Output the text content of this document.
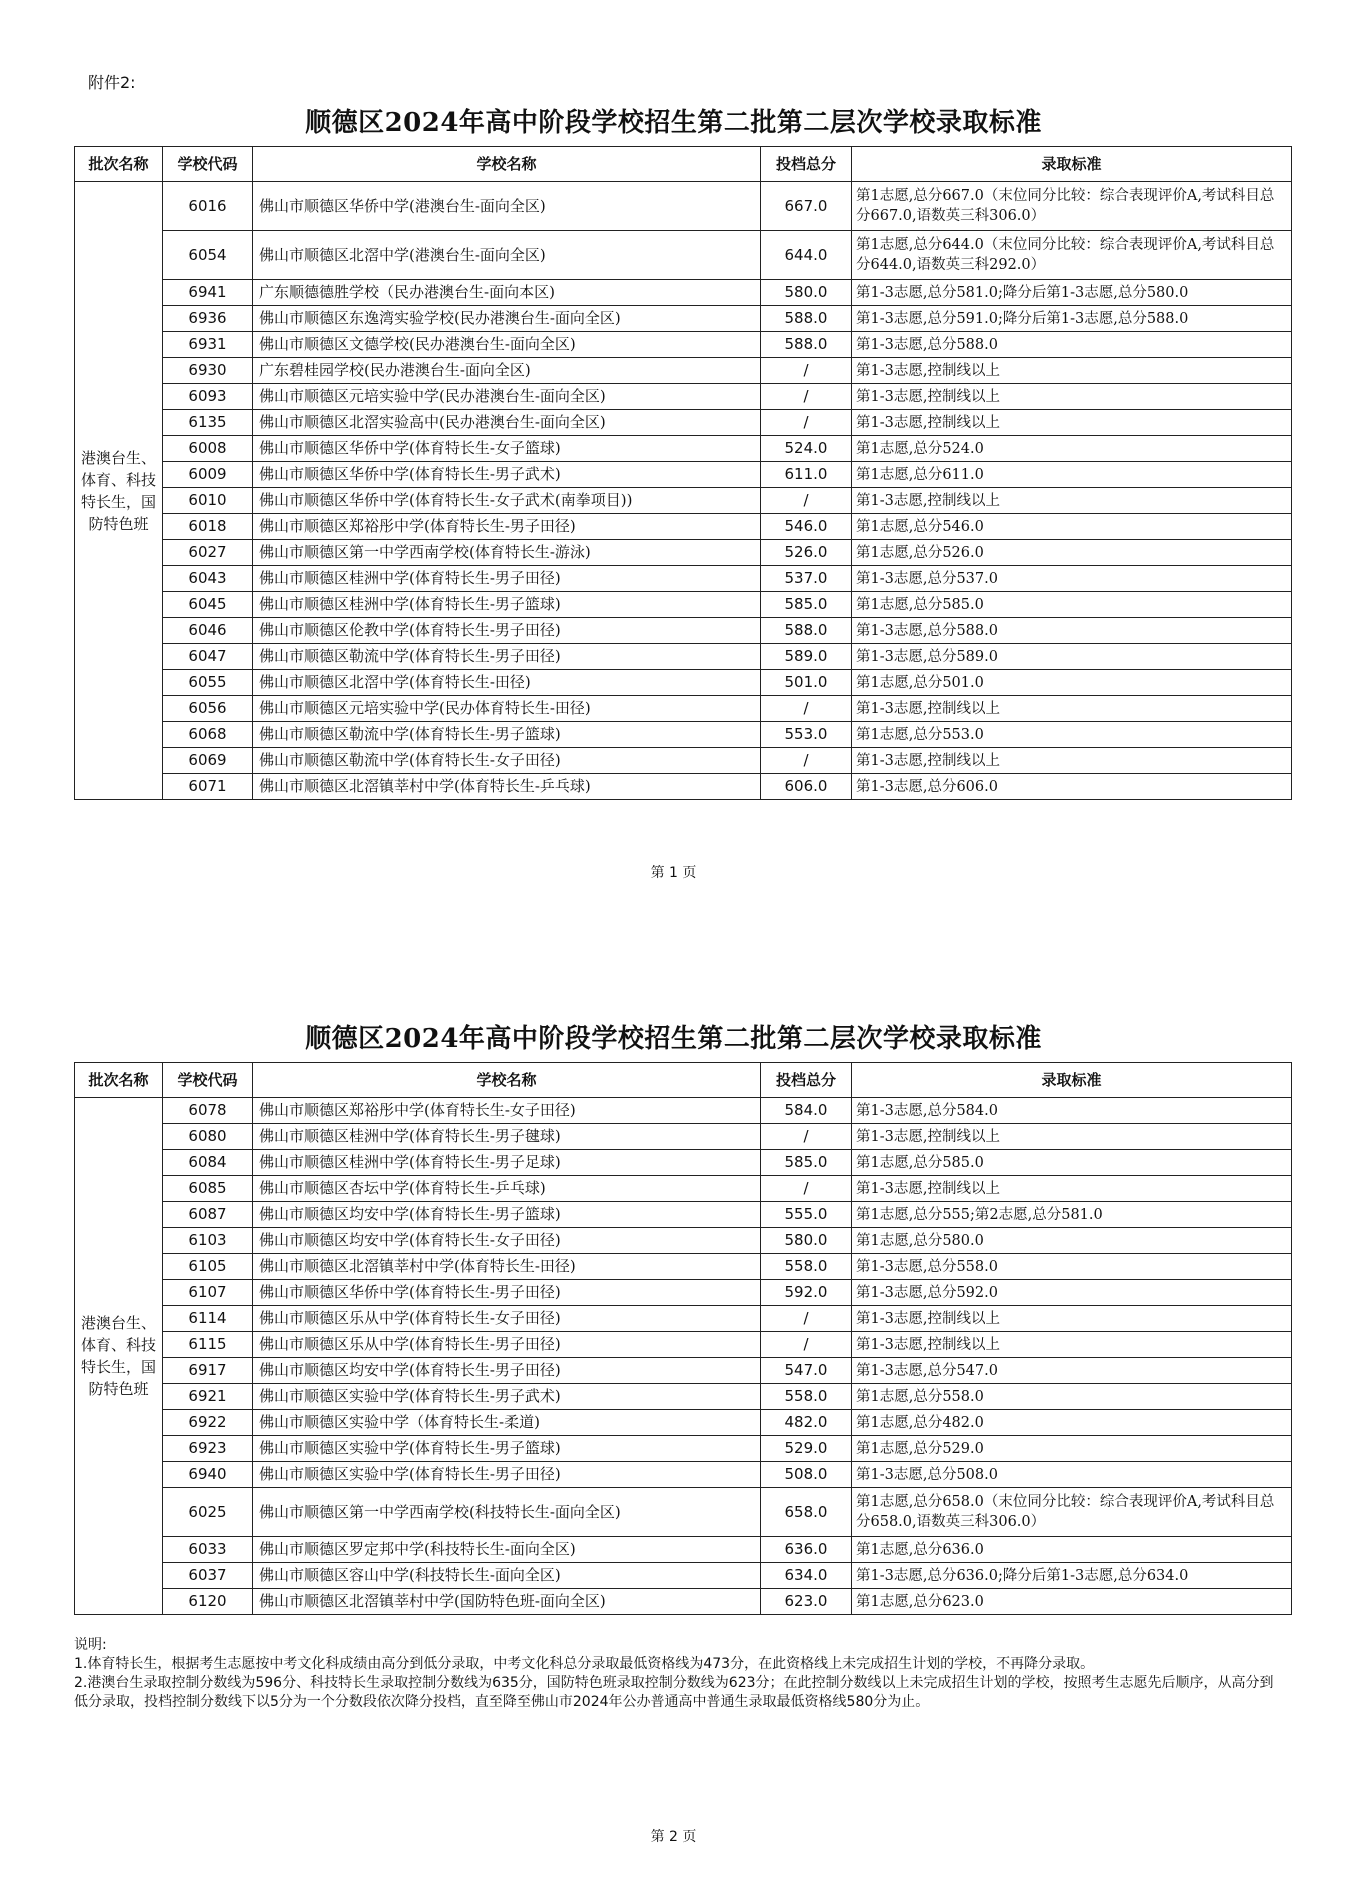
附件2:
顺德区2024年高中阶段学校招生第二批第二层次学校录取标准
批次名称	学校代码	学校名称	投档总分	录取标准
港澳台生、体育、科技特长生，国防特色班	6016	佛山市顺德区华侨中学(港澳台生-面向全区)	667.0	第1志愿,总分667.0（末位同分比较：综合表现评价A,考试科目总分667.0,语数英三科306.0）
	6054	佛山市顺德区北滘中学(港澳台生-面向全区)	644.0	第1志愿,总分644.0（末位同分比较：综合表现评价A,考试科目总分644.0,语数英三科292.0）
	6941	广东顺德德胜学校（民办港澳台生-面向本区)	580.0	第1-3志愿,总分581.0;降分后第1-3志愿,总分580.0
	6936	佛山市顺德区东逸湾实验学校(民办港澳台生-面向全区)	588.0	第1-3志愿,总分591.0;降分后第1-3志愿,总分588.0
	6931	佛山市顺德区文德学校(民办港澳台生-面向全区)	588.0	第1-3志愿,总分588.0
	6930	广东碧桂园学校(民办港澳台生-面向全区)	/	第1-3志愿,控制线以上
	6093	佛山市顺德区元培实验中学(民办港澳台生-面向全区)	/	第1-3志愿,控制线以上
	6135	佛山市顺德区北滘实验高中(民办港澳台生-面向全区)	/	第1-3志愿,控制线以上
	6008	佛山市顺德区华侨中学(体育特长生-女子篮球)	524.0	第1志愿,总分524.0
	6009	佛山市顺德区华侨中学(体育特长生-男子武术)	611.0	第1志愿,总分611.0
	6010	佛山市顺德区华侨中学(体育特长生-女子武术(南拳项目))	/	第1-3志愿,控制线以上
	6018	佛山市顺德区郑裕彤中学(体育特长生-男子田径)	546.0	第1志愿,总分546.0
	6027	佛山市顺德区第一中学西南学校(体育特长生-游泳)	526.0	第1志愿,总分526.0
	6043	佛山市顺德区桂洲中学(体育特长生-男子田径)	537.0	第1-3志愿,总分537.0
	6045	佛山市顺德区桂洲中学(体育特长生-男子篮球)	585.0	第1志愿,总分585.0
	6046	佛山市顺德区伦教中学(体育特长生-男子田径)	588.0	第1-3志愿,总分588.0
	6047	佛山市顺德区勒流中学(体育特长生-男子田径)	589.0	第1-3志愿,总分589.0
	6055	佛山市顺德区北滘中学(体育特长生-田径)	501.0	第1志愿,总分501.0
	6056	佛山市顺德区元培实验中学(民办体育特长生-田径)	/	第1-3志愿,控制线以上
	6068	佛山市顺德区勒流中学(体育特长生-男子篮球)	553.0	第1志愿,总分553.0
	6069	佛山市顺德区勒流中学(体育特长生-女子田径)	/	第1-3志愿,控制线以上
	6071	佛山市顺德区北滘镇莘村中学(体育特长生-乒乓球)	606.0	第1-3志愿,总分606.0
第 1 页
顺德区2024年高中阶段学校招生第二批第二层次学校录取标准
批次名称	学校代码	学校名称	投档总分	录取标准
港澳台生、体育、科技特长生，国防特色班	6078	佛山市顺德区郑裕彤中学(体育特长生-女子田径)	584.0	第1-3志愿,总分584.0
	6080	佛山市顺德区桂洲中学(体育特长生-男子毽球)	/	第1-3志愿,控制线以上
	6084	佛山市顺德区桂洲中学(体育特长生-男子足球)	585.0	第1志愿,总分585.0
	6085	佛山市顺德区杏坛中学(体育特长生-乒乓球)	/	第1-3志愿,控制线以上
	6087	佛山市顺德区均安中学(体育特长生-男子篮球)	555.0	第1志愿,总分555;第2志愿,总分581.0
	6103	佛山市顺德区均安中学(体育特长生-女子田径)	580.0	第1志愿,总分580.0
	6105	佛山市顺德区北滘镇莘村中学(体育特长生-田径)	558.0	第1-3志愿,总分558.0
	6107	佛山市顺德区华侨中学(体育特长生-男子田径)	592.0	第1-3志愿,总分592.0
	6114	佛山市顺德区乐从中学(体育特长生-女子田径)	/	第1-3志愿,控制线以上
	6115	佛山市顺德区乐从中学(体育特长生-男子田径)	/	第1-3志愿,控制线以上
	6917	佛山市顺德区均安中学(体育特长生-男子田径)	547.0	第1-3志愿,总分547.0
	6921	佛山市顺德区实验中学(体育特长生-男子武术)	558.0	第1志愿,总分558.0
	6922	佛山市顺德区实验中学（体育特长生-柔道)	482.0	第1志愿,总分482.0
	6923	佛山市顺德区实验中学(体育特长生-男子篮球)	529.0	第1志愿,总分529.0
	6940	佛山市顺德区实验中学(体育特长生-男子田径)	508.0	第1-3志愿,总分508.0
	6025	佛山市顺德区第一中学西南学校(科技特长生-面向全区)	658.0	第1志愿,总分658.0（末位同分比较：综合表现评价A,考试科目总分658.0,语数英三科306.0）
	6033	佛山市顺德区罗定邦中学(科技特长生-面向全区)	636.0	第1志愿,总分636.0
	6037	佛山市顺德区容山中学(科技特长生-面向全区)	634.0	第1-3志愿,总分636.0;降分后第1-3志愿,总分634.0
	6120	佛山市顺德区北滘镇莘村中学(国防特色班-面向全区)	623.0	第1志愿,总分623.0

说明:

1.体育特长生，根据考生志愿按中考文化科成绩由高分到低分录取，中考文化科总分录取最低资格线为473分，在此资格线上未完成招生计划的学校，不再降分录取。

2.港澳台生录取控制分数线为596分、科技特长生录取控制分数线为635分，国防特色班录取控制分数线为623分；在此控制分数线以上未完成招生计划的学校，按照考生志愿先后顺序，从高分到低分录取，投档控制分数线下以5分为一个分数段依次降分投档，直至降至佛山市2024年公办普通高中普通生录取最低资格线580分为止。

第 2 页
